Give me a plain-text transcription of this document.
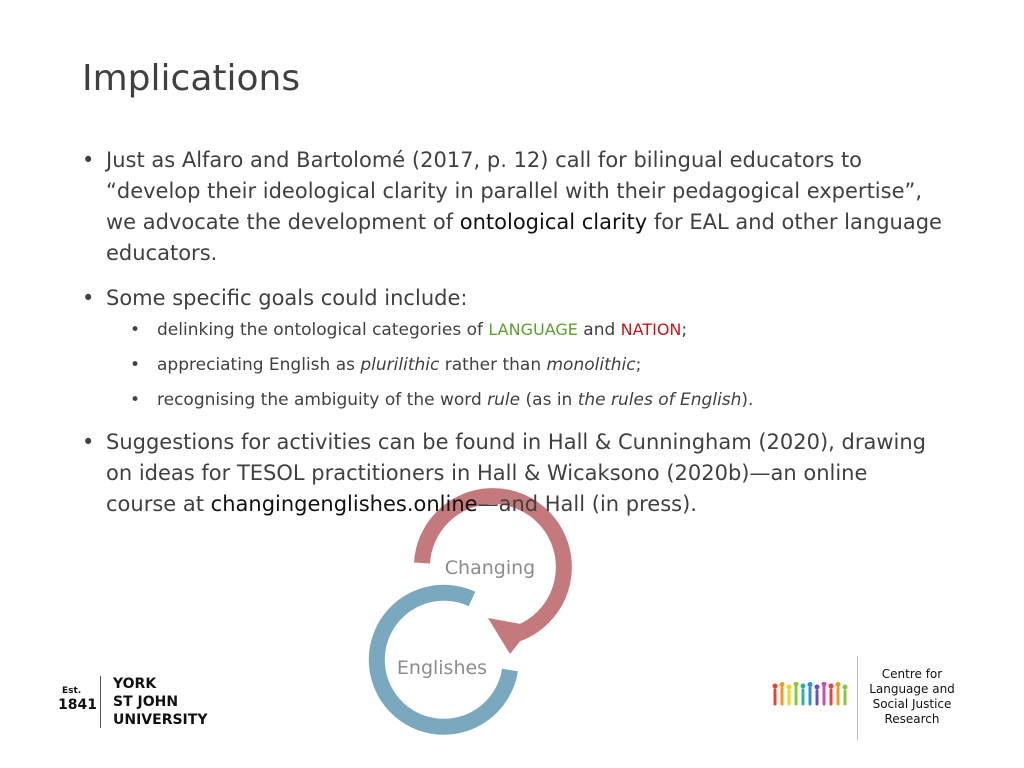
Implications
Changing
Englishes
• Just as Alfaro and Bartolomé (2017, p. 12) call for bilingual educators to “develop their ideological clarity in parallel with their pedagogical expertise”, we advocate the development of ontological clarity for EAL and other language educators.
• Some specific goals could include:
• delinking the ontological categories of LANGUAGE and NATION;
• appreciating English as plurilithic rather than monolithic;
• recognising the ambiguity of the word rule (as in the rules of English).
• Suggestions for activities can be found in Hall & Cunningham (2020), drawing on ideas for TESOL practitioners in Hall & Wicaksono (2020b)—an online course at changingenglishes.online—and Hall (in press).
Est.
1841
YORK
ST JOHN
UNIVERSITY
Centre for
Language and
Social Justice
Research
